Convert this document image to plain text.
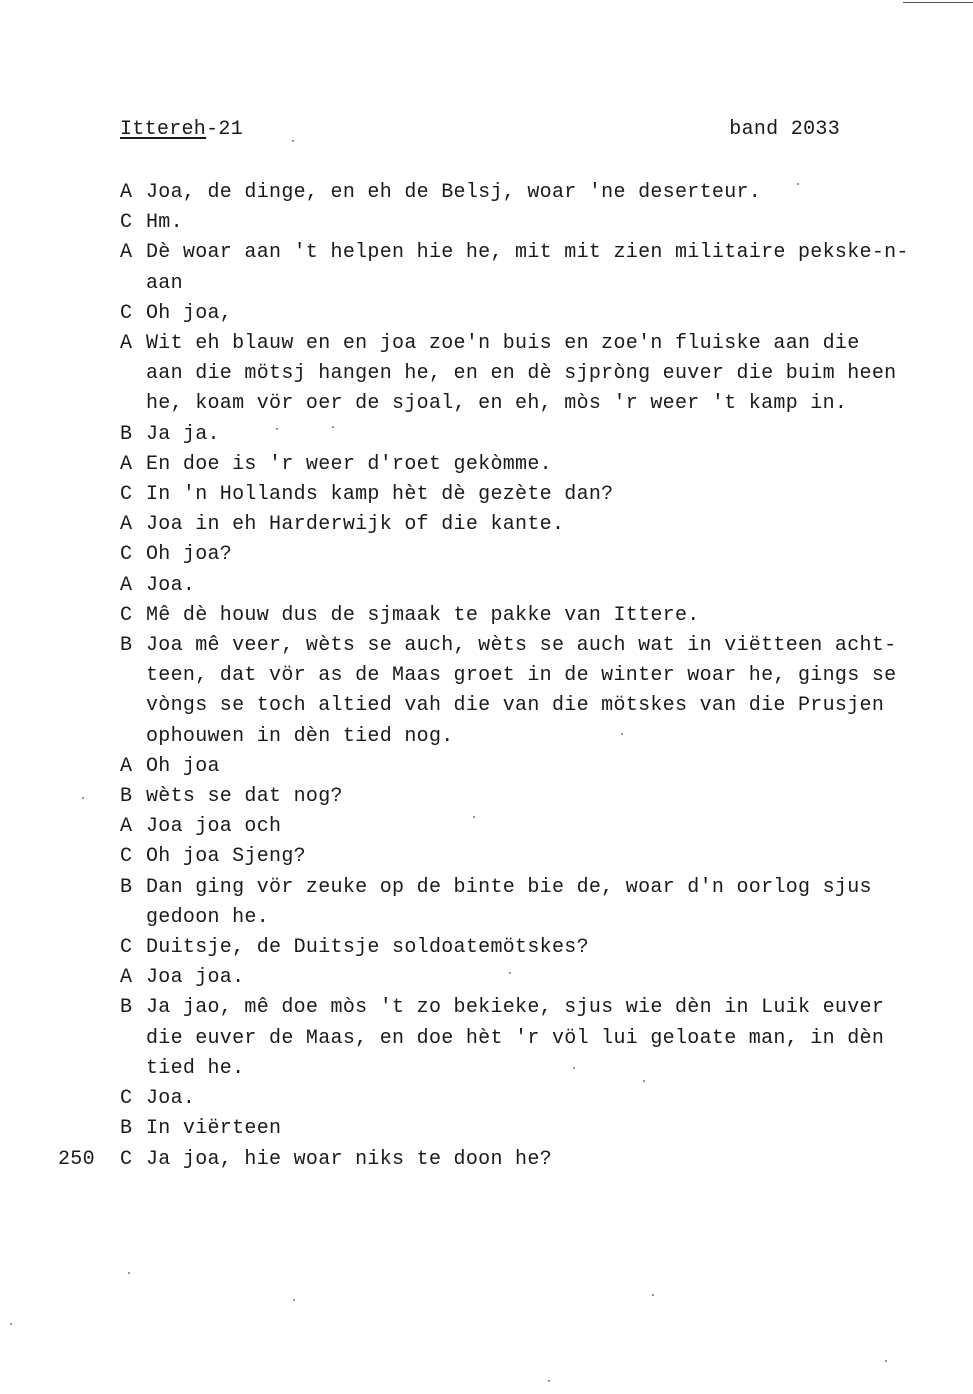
Ittereh-21	band 2033
A Joa, de dinge, en eh de Belsj, woar 'ne deserteur.
C Hm.
A Dè woar aan 't helpen hie he, mit mit zien militaire pekske-n-
aan
C Oh joa,
A Wit eh blauw en en joa zoe'n buis en zoe'n fluiske aan die
aan die mötsj hangen he, en en dè sjpròng euver die buim heen
he, koam vör oer de sjoal, en eh, mòs 'r weer 't kamp in.
B Ja ja.
A En doe is 'r weer d'roet gekòmme.
C In 'n Hollands kamp hèt dè gezète dan?
A Joa in eh Harderwijk of die kante.
C Oh joa?
A Joa.
C Mê dè houw dus de sjmaak te pakke van Ittere.
B Joa mê veer, wèts se auch, wèts se auch wat in viëtteen acht-
teen, dat vör as de Maas groet in de winter woar he, gings se
vòngs se toch altied vah die van die mötskes van die Prusjen
ophouwen in dèn tied nog.
A Oh joa
B wèts se dat nog?
A Joa joa och
C Oh joa Sjeng?
B Dan ging vör zeuke op de binte bie de, woar d'n oorlog sjus
gedoon he.
C Duitsje, de Duitsje soldoatemötskes?
A Joa joa.
B Ja jao, mê doe mòs 't zo bekieke, sjus wie dèn in Luik euver
die euver de Maas, en doe hèt 'r völ lui geloate man, in dèn
tied he.
C Joa.
B In viërteen
250 C Ja joa, hie woar niks te doon he?
